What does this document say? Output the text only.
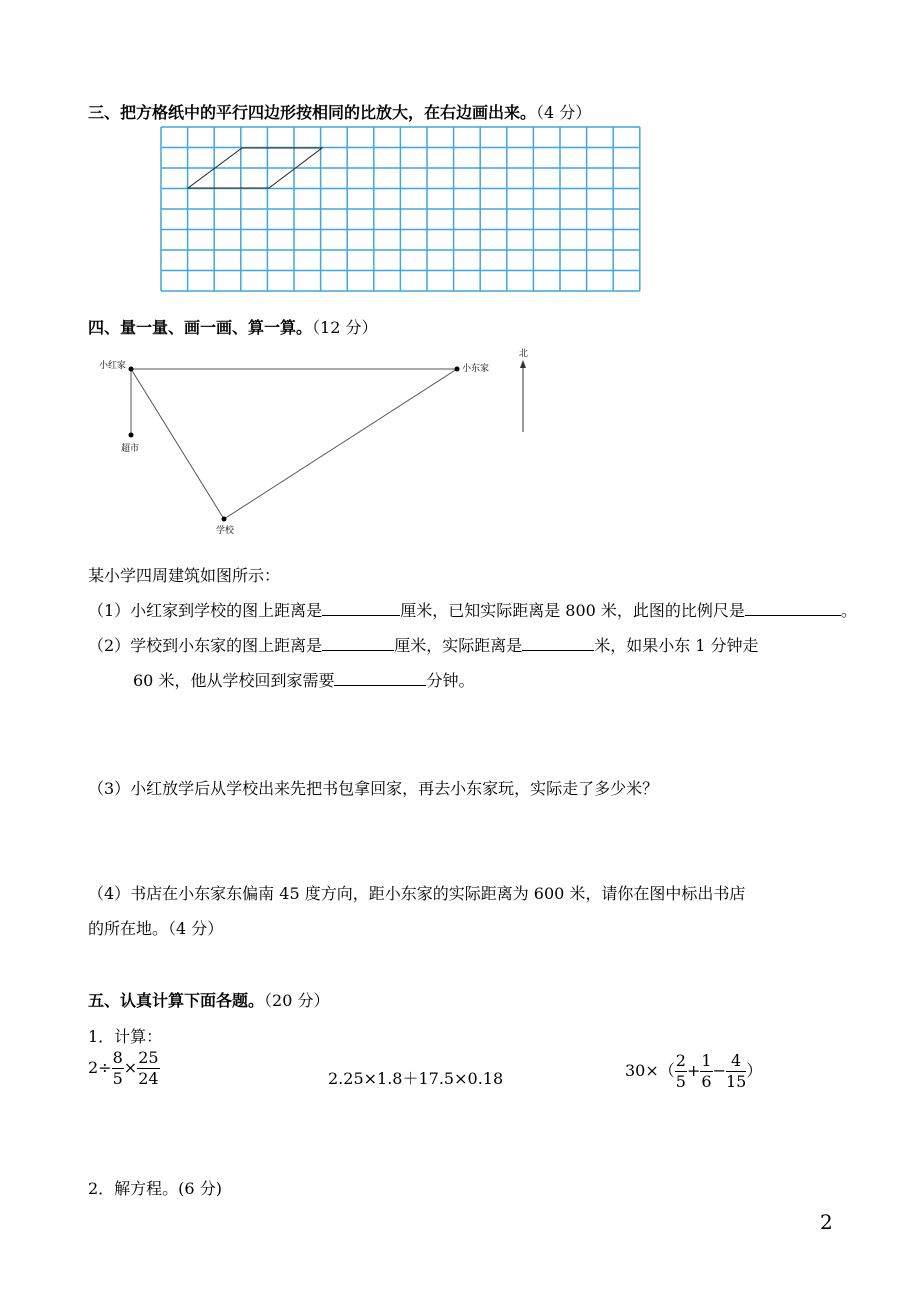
三、把方格纸中的平行四边形按相同的比放大，在右边画出来。（4 分）
四、量一量、画一画、算一算。（12 分）
小红家	小东家
超市
学校
北
某小学四周建筑如图所示：
（1）小红家到学校的图上距离是	厘米，已知实际距离是 800 米，此图的比例尺是	。
（2）学校到小东家的图上距离是	厘米，实际距离是	米，如果小东 1 分钟走
60 米，他从学校回到家需要	分钟。
（3）小红放学后从学校出来先把书包拿回家，再去小东家玩，实际走了多少米？
（4）书店在小东家东偏南 45 度方向，距小东家的实际距离为 600 米，请你在图中标出书店
的所在地。（4 分）
五、认真计算下面各题。（20 分）
1．计算：
$2\div \frac{8}{5} \times \frac{25}{24}$	2.25×1.8＋17.5×0.18	$30\times( \frac{2}{5} + \frac{1}{6} - \frac{4}{15}$ ）
2．解方程。(6 分)
2
